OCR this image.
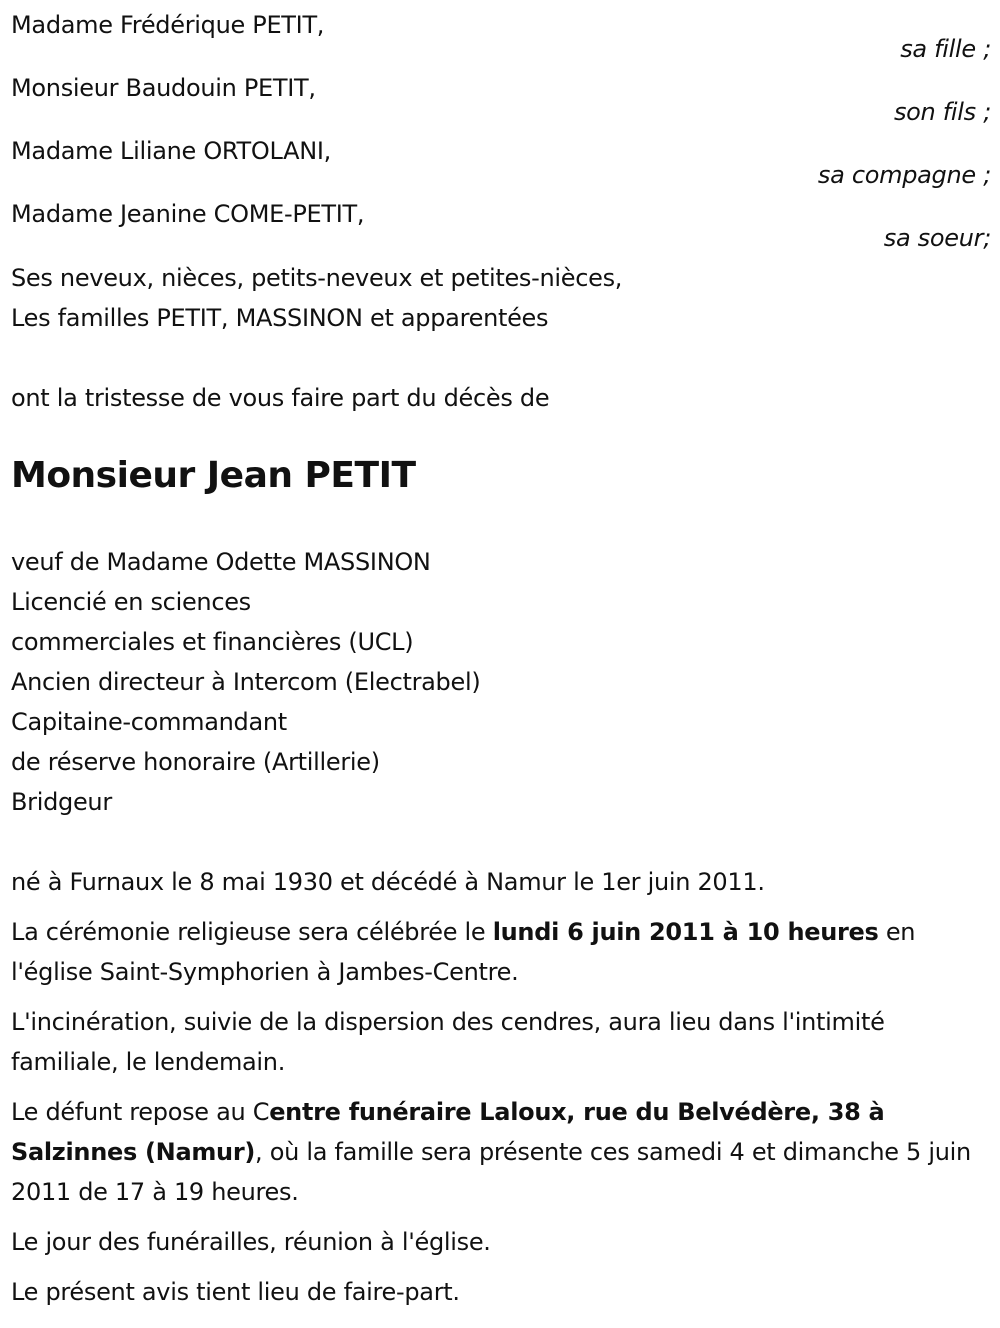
Madame Frédérique PETIT,
sa fille ;
Monsieur Baudouin PETIT,
son fils ;
Madame Liliane ORTOLANI,
sa compagne ;
Madame Jeanine COME-PETIT,
sa soeur;
Ses neveux, nièces, petits-neveux et petites-nièces,
Les familles PETIT, MASSINON et apparentées
ont la tristesse de vous faire part du décès de
Monsieur Jean PETIT
veuf de Madame Odette MASSINON
Licencié en sciences
commerciales et financières (UCL)
Ancien directeur à Intercom (Electrabel)
Capitaine-commandant
de réserve honoraire (Artillerie)
Bridgeur

né à Furnaux le 8 mai 1930 et décédé à Namur le 1er juin 2011.

La cérémonie religieuse sera célébrée le lundi 6 juin 2011 à 10 heures en l'église Saint-Symphorien à Jambes-Centre.

L'incinération, suivie de la dispersion des cendres, aura lieu dans l'intimité familiale, le lendemain.

Le défunt repose au Centre funéraire Laloux, rue du Belvédère, 38 à Salzinnes (Namur), où la famille sera présente ces samedi 4 et dimanche 5 juin 2011 de 17 à 19 heures.

Le jour des funérailles, réunion à l'église.

Le présent avis tient lieu de faire-part.
